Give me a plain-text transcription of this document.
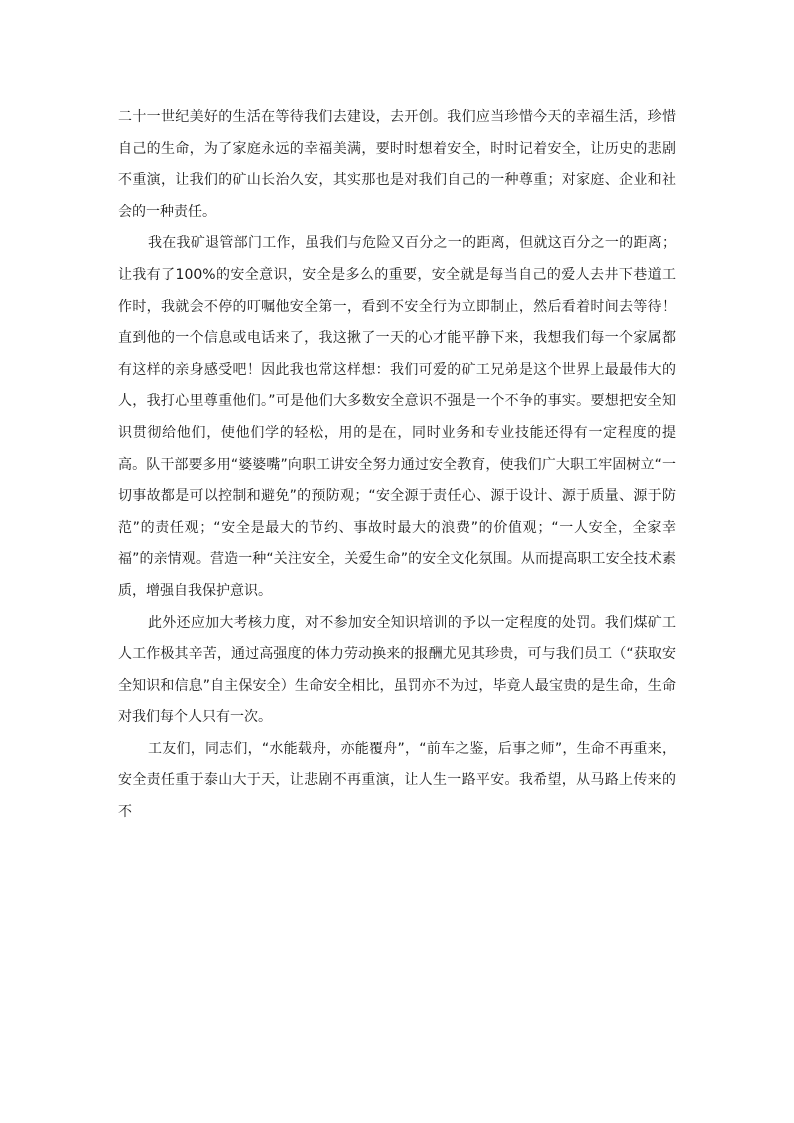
二十一世纪美好的生活在等待我们去建设，去开创。我们应当珍惜今天的幸福生活，珍惜自己的生命，为了家庭永远的幸福美满，要时时想着安全，时时记着安全，让历史的悲剧不重演，让我们的矿山长治久安，其实那也是对我们自己的一种尊重；对家庭、企业和社会的一种责任。

我在我矿退管部门工作，虽我们与危险又百分之一的距离，但就这百分之一的距离；让我有了100%的安全意识，安全是多么的重要，安全就是每当自己的爱人去井下巷道工作时，我就会不停的叮嘱他安全第一，看到不安全行为立即制止，然后看着时间去等待！直到他的一个信息或电话来了，我这揪了一天的心才能平静下来，我想我们每一个家属都有这样的亲身感受吧！因此我也常这样想：我们可爱的矿工兄弟是这个世界上最最伟大的人，我打心里尊重他们。”可是他们大多数安全意识不强是一个不争的事实。要想把安全知识贯彻给他们，使他们学的轻松，用的是在，同时业务和专业技能还得有一定程度的提高。队干部要多用“婆婆嘴”向职工讲安全努力通过安全教育，使我们广大职工牢固树立“一切事故都是可以控制和避免”的预防观；“安全源于责任心、源于设计、源于质量、源于防范”的责任观；“安全是最大的节约、事故时最大的浪费”的价值观；“一人安全，全家幸福”的亲情观。营造一种“关注安全，关爱生命”的安全文化氛围。从而提高职工安全技术素质，增强自我保护意识。

此外还应加大考核力度，对不参加安全知识培训的予以一定程度的处罚。我们煤矿工人工作极其辛苦，通过高强度的体力劳动换来的报酬尤见其珍贵，可与我们员工（“获取安全知识和信息”自主保安全）生命安全相比，虽罚亦不为过，毕竟人最宝贵的是生命，生命对我们每个人只有一次。

工友们，同志们，“水能载舟，亦能覆舟”，“前车之鉴，后事之师”，生命不再重来，安全责任重于泰山大于天，让悲剧不再重演，让人生一路平安。我希望，从马路上传来的不
